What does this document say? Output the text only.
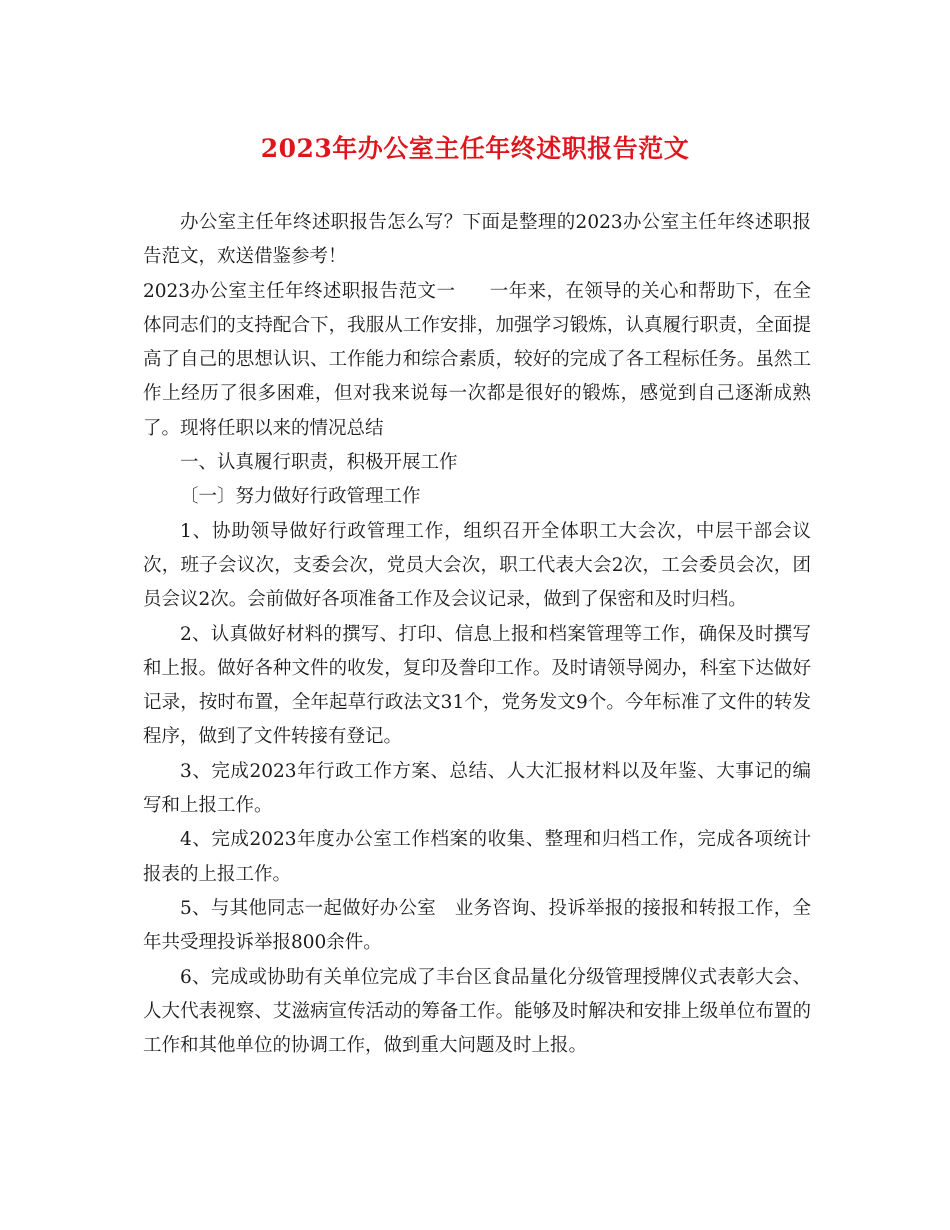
2023年办公室主任年终述职报告范文

办公室主任年终述职报告怎么写？下面是整理的2023办公室主任年终述职报告范文，欢送借鉴参考！

2023办公室主任年终述职报告范文一 一年来，在领导的关心和帮助下，在全体同志们的支持配合下，我服从工作安排，加强学习锻炼，认真履行职责，全面提高了自己的思想认识、工作能力和综合素质，较好的完成了各工程标任务。虽然工作上经历了很多困难，但对我来说每一次都是很好的锻炼，感觉到自己逐渐成熟了。现将任职以来的情况总结

一、认真履行职责，积极开展工作

〔一〕努力做好行政管理工作

1、协助领导做好行政管理工作，组织召开全体职工大会次，中层干部会议次，班子会议次，支委会次，党员大会次，职工代表大会2次，工会委员会次，团员会议2次。会前做好各项准备工作及会议记录，做到了保密和及时归档。

2、认真做好材料的撰写、打印、信息上报和档案管理等工作，确保及时撰写和上报。做好各种文件的收发，复印及誊印工作。及时请领导阅办，科室下达做好记录，按时布置，全年起草行政法文31个，党务发文9个。今年标准了文件的转发程序，做到了文件转接有登记。

3、完成2023年行政工作方案、总结、人大汇报材料以及年鉴、大事记的编写和上报工作。

4、完成2023年度办公室工作档案的收集、整理和归档工作，完成各项统计报表的上报工作。

5、与其他同志一起做好办公室　业务咨询、投诉举报的接报和转报工作，全年共受理投诉举报800余件。

6、完成或协助有关单位完成了丰台区食品量化分级管理授牌仪式表彰大会、人大代表视察、艾滋病宣传活动的筹备工作。能够及时解决和安排上级单位布置的工作和其他单位的协调工作，做到重大问题及时上报。
